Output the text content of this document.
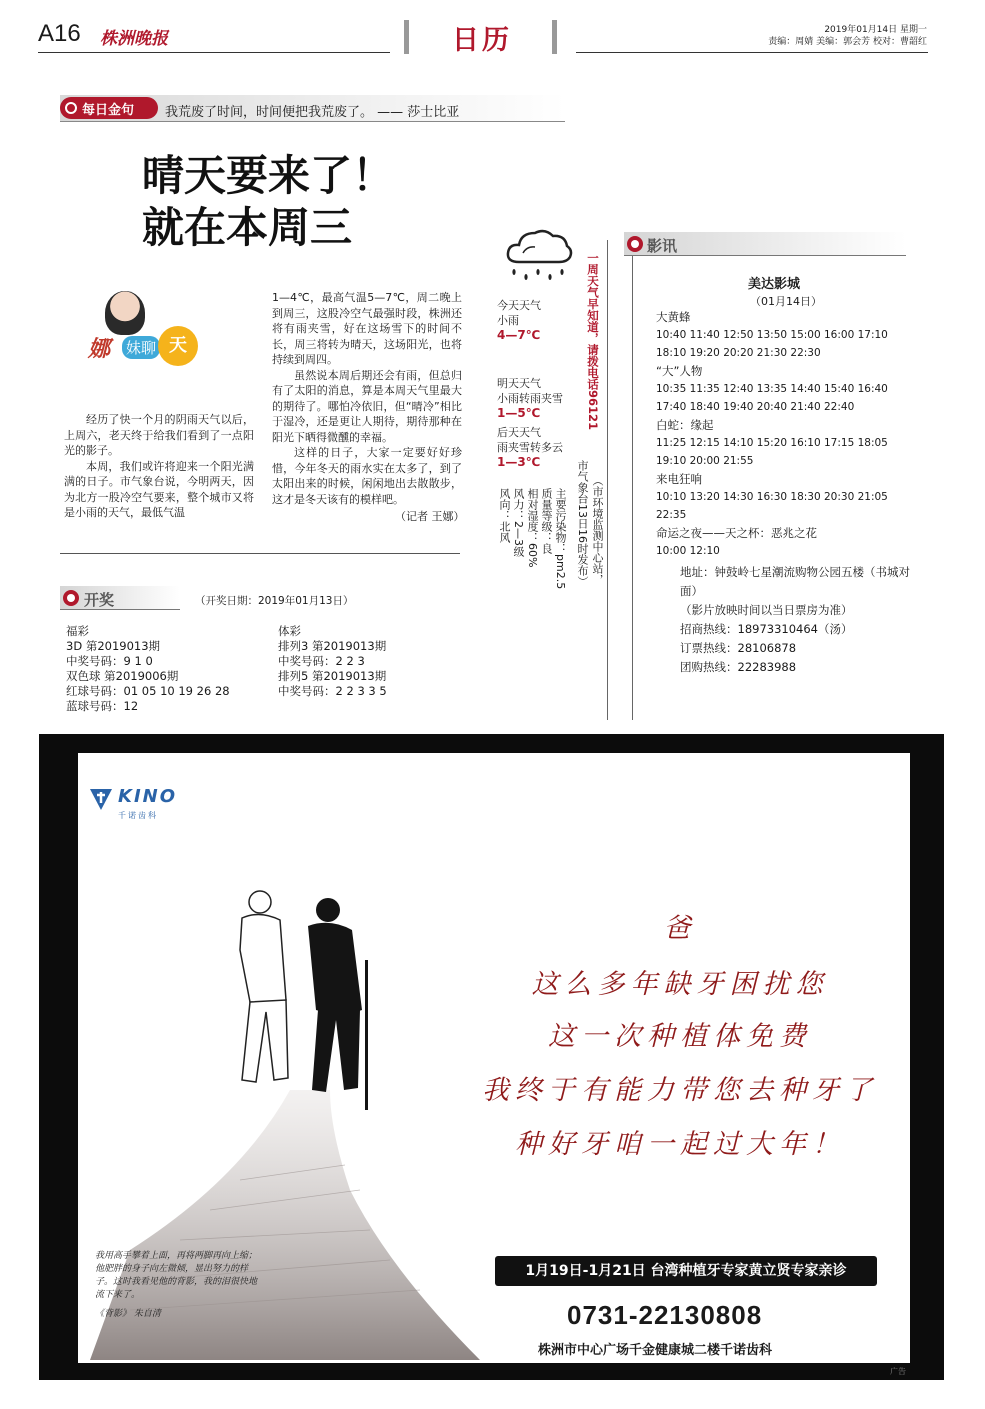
A16 株洲晚报	日历	2019年01月14日 星期一
责编：周婧 美编：郭会芳 校对：曹韶红
每日金句	我荒废了时间，时间便把我荒废了。 —— 莎士比亚
晴天要来了！
就在本周三
娜 妹聊 天

经历了快一个月的阴雨天气以后，上周六，老天终于给我们看到了一点阳光的影子。

本周，我们或许将迎来一个阳光满满的日子。市气象台说，今明两天，因为北方一股冷空气要来，整个城市又将是小雨的天气，最低气温

1—4℃，最高气温5—7℃，周二晚上到周三，这股冷空气最强时段，株洲还将有雨夹雪，好在这场雪下的时间不长，周三将转为晴天，这场阳光，也将持续到周四。

虽然说本周后期还会有雨，但总归有了太阳的消息，算是本周天气里最大的期待了。哪怕冷依旧，但“晴冷”相比于湿冷，还是更让人期待，期待那种在阳光下晒得微醺的幸福。

这样的日子，大家一定要好好珍惜，今年冬天的雨水实在太多了，到了太阳出来的时候，闲闲地出去散散步，这才是冬天该有的模样吧。

（记者 王娜）
今天天气
小雨
4—7℃
明天天气
小雨转雨夹雪
1—5℃
后天天气
雨夹雪转多云
1—3℃
风向：北风 风力：2—3级 相对湿度：60% 质量等级：良 主要污染物：pm2.5 市气象台13日16时发布） （市环境监测中心站，
一周天气早知道，请拨电话96121
影讯
美达影城
（01月14日）
大黄蜂
10:40 11:40 12:50 13:50 15:00 16:00 17:10
18:10 19:20 20:20 21:30 22:30
“大”人物
10:35 11:35 12:40 13:35 14:40 15:40 16:40
17:40 18:40 19:40 20:40 21:40 22:40
白蛇：缘起
11:25 12:15 14:10 15:20 16:10 17:15 18:05
19:10 20:00 21:55
来电狂响
10:10 13:20 14:30 16:30 18:30 20:30 21:05
22:35
命运之夜——天之杯：恶兆之花
10:00 12:10
地址：钟鼓岭七星潮流购物公园五楼（书城对面）
（影片放映时间以当日票房为准）
招商热线：18973310464（汤）
订票热线：28106878
团购热线：22283988
开奖	（开奖日期：2019年01月13日）
福彩
3D 第2019013期
中奖号码：9 1 0
双色球 第2019006期
红球号码：01 05 10 19 26 28
蓝球号码：12
体彩
排列3 第2019013期
中奖号码：2 2 3
排列5 第2019013期
中奖号码：2 2 3 3 5
KINO
千诺齿科
爸
这么多年缺牙困扰您
这一次种植体免费
我终于有能力带您去种牙了
种好牙咱一起过大年！
我用高手攀着上面，再将两脚再向上缩；他肥胖的身子向左微倾，显出努力的样子。这时我看见他的背影，我的泪很快地流下来了。
《背影》 朱自清
1月19日-1月21日 台湾种植牙专家黄立贤专家亲诊
0731-22130808
株洲市中心广场千金健康城二楼千诺齿科
广告
